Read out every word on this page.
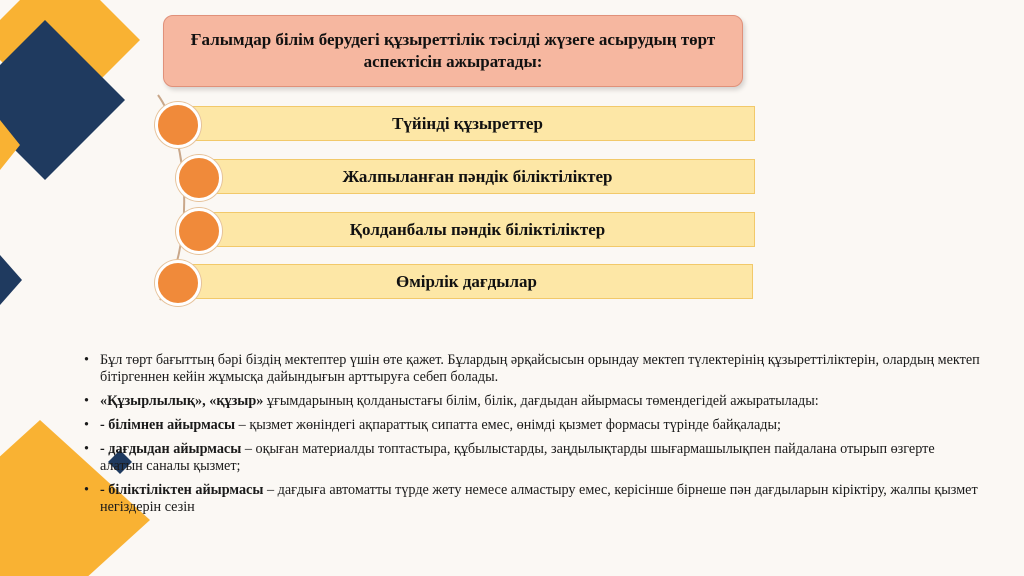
Ғалымдар білім берудегі құзыреттілік тәсілді жүзеге асырудың төрт аспектісін ажыратады:
Түйінді құзыреттер
Жалпыланған пәндік біліктіліктер
Қолданбалы пәндік біліктіліктер
Өмірлік дағдылар
• Бұл төрт бағыттың бәрі біздің мектептер үшін өте қажет. Бұлардың әрқайсысын орындау мектеп түлектерінің құзыреттіліктерін, олардың мектеп бітіргеннен кейін жұмысқа дайындығын арттыруға себеп болады.
• «Құзырлылық», «құзыр» ұғымдарының қолданыстағы білім, білік, дағдыдан айырмасы төмендегідей ажыратылады:
• - білімнен айырмасы – қызмет жөніндегі ақпараттық сипатта емес, өнімді қызмет формасы түрінде байқалады;
• - дағдыдан айырмасы – оқыған материалды топтастыра, құбылыстарды, заңдылықтарды шығармашылықпен пайдалана отырып өзгерте алатын саналы қызмет;
• - біліктіліктен айырмасы – дағдыға автоматты түрде жету немесе алмастыру емес, керісінше бірнеше пән дағдыларын кіріктіру, жалпы қызмет негіздерін сезін
